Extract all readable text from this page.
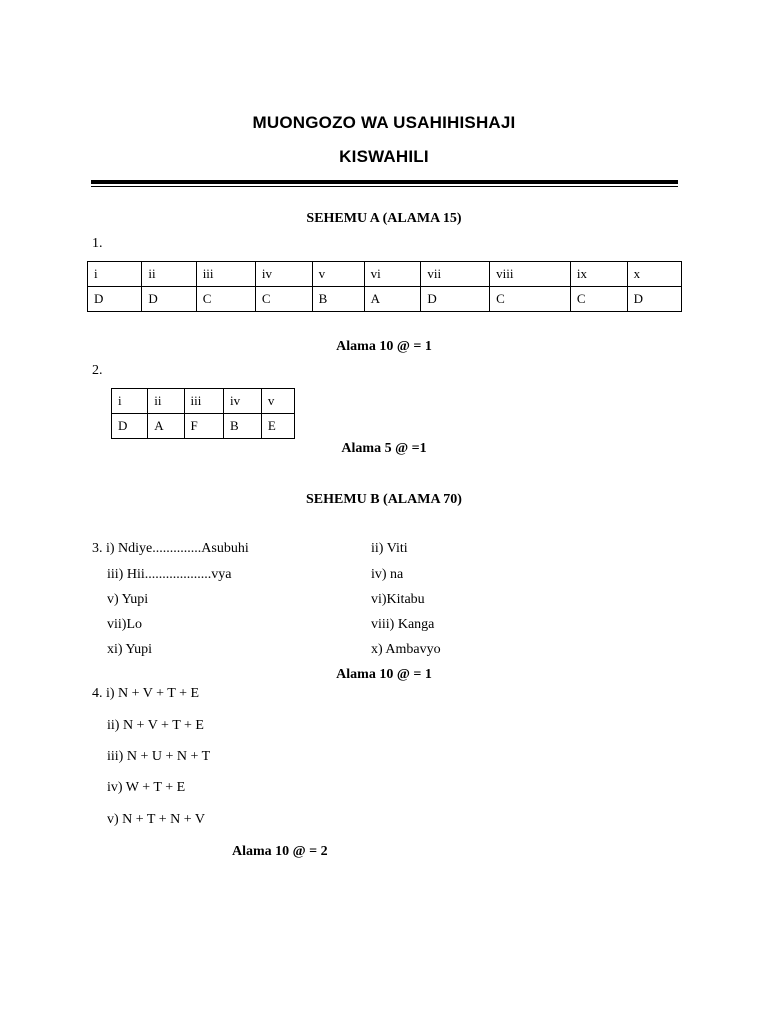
MUONGOZO WA USAHIHISHAJI
KISWAHILI
SEHEMU A (ALAMA 15)
1.
i	ii	iii	iv	v	vi	vii	viii	ix	x
D	D	C	C	B	A	D	C	C	D
Alama 10 @ = 1
2.
i	ii	iii	iv	v
D	A	F	B	E
Alama 5 @ =1
SEHEMU B (ALAMA 70)
3. i) Ndiye..............Asubuhi
iii) Hii...................vya
v) Yupi
vii)Lo
xi) Yupi
ii) Viti
iv) na
vi)Kitabu
viii) Kanga
x) Ambavyo
Alama 10 @ = 1
4. i) N + V + T + E
ii) N + V + T + E
iii) N + U + N + T
iv) W + T + E
v) N + T + N + V
Alama 10 @ = 2
